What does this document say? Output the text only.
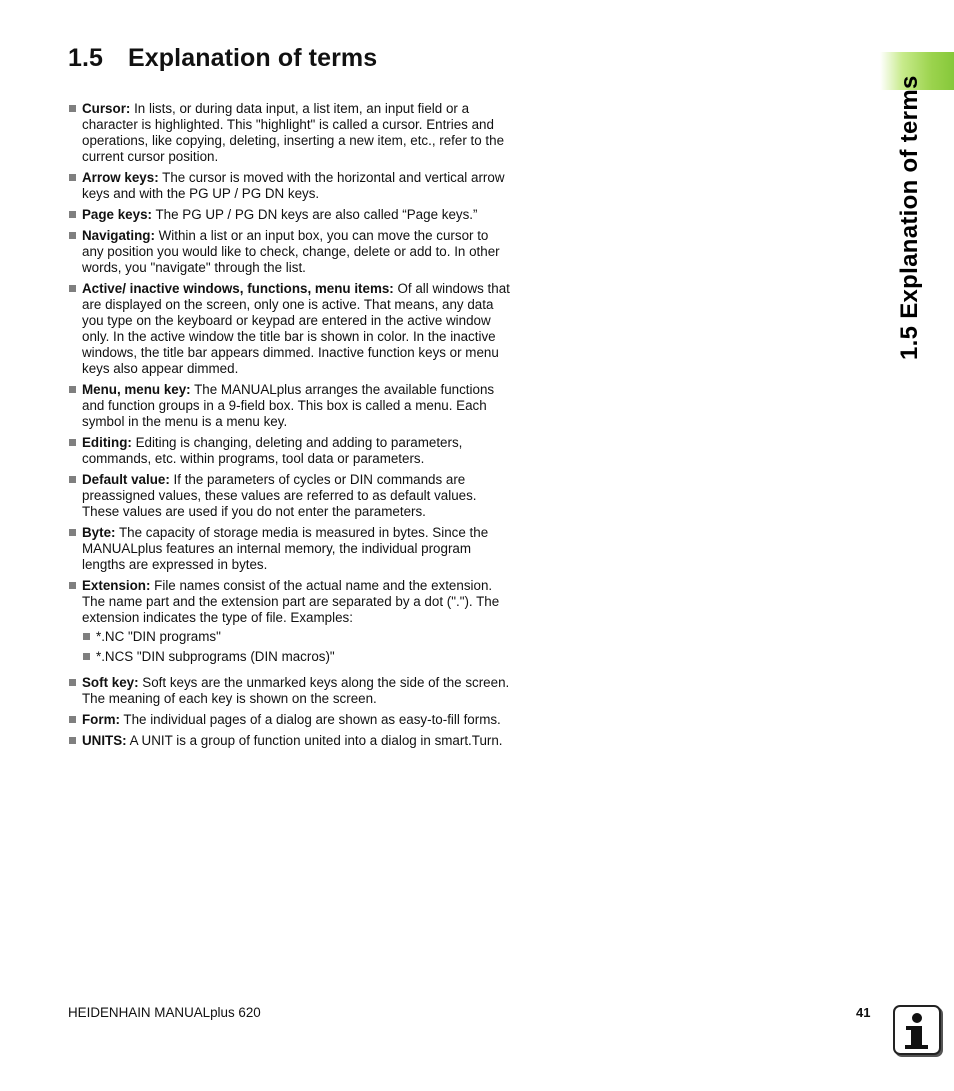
1.5 Explanation of terms
1.5 Explanation of terms
Cursor: In lists, or during data input, a list item, an input field or a character is highlighted. This "highlight" is called a cursor. Entries and operations, like copying, deleting, inserting a new item, etc., refer to the current cursor position.
Arrow keys: The cursor is moved with the horizontal and vertical arrow keys and with the PG UP / PG DN keys.
Page keys: The PG UP / PG DN keys are also called “Page keys.”
Navigating: Within a list or an input box, you can move the cursor to any position you would like to check, change, delete or add to. In other words, you "navigate" through the list.
Active/ inactive windows, functions, menu items: Of all windows that are displayed on the screen, only one is active. That means, any data you type on the keyboard or keypad are entered in the active window only. In the active window the title bar is shown in color. In the inactive windows, the title bar appears dimmed. Inactive function keys or menu keys also appear dimmed.
Menu, menu key: The MANUALplus arranges the available functions and function groups in a 9-field box. This box is called a menu. Each symbol in the menu is a menu key.
Editing: Editing is changing, deleting and adding to parameters, commands, etc. within programs, tool data or parameters.
Default value: If the parameters of cycles or DIN commands are preassigned values, these values are referred to as default values. These values are used if you do not enter the parameters.
Byte: The capacity of storage media is measured in bytes. Since the MANUALplus features an internal memory, the individual program lengths are expressed in bytes.
Extension: File names consist of the actual name and the extension. The name part and the extension part are separated by a dot ("."). The extension indicates the type of file. Examples:
*.NC "DIN programs"
*.NCS "DIN subprograms (DIN macros)"
Soft key: Soft keys are the unmarked keys along the side of the screen. The meaning of each key is shown on the screen.
Form: The individual pages of a dialog are shown as easy-to-fill forms.
UNITS: A UNIT is a group of function united into a dialog in smart.Turn.
HEIDENHAIN MANUALplus 620	41
